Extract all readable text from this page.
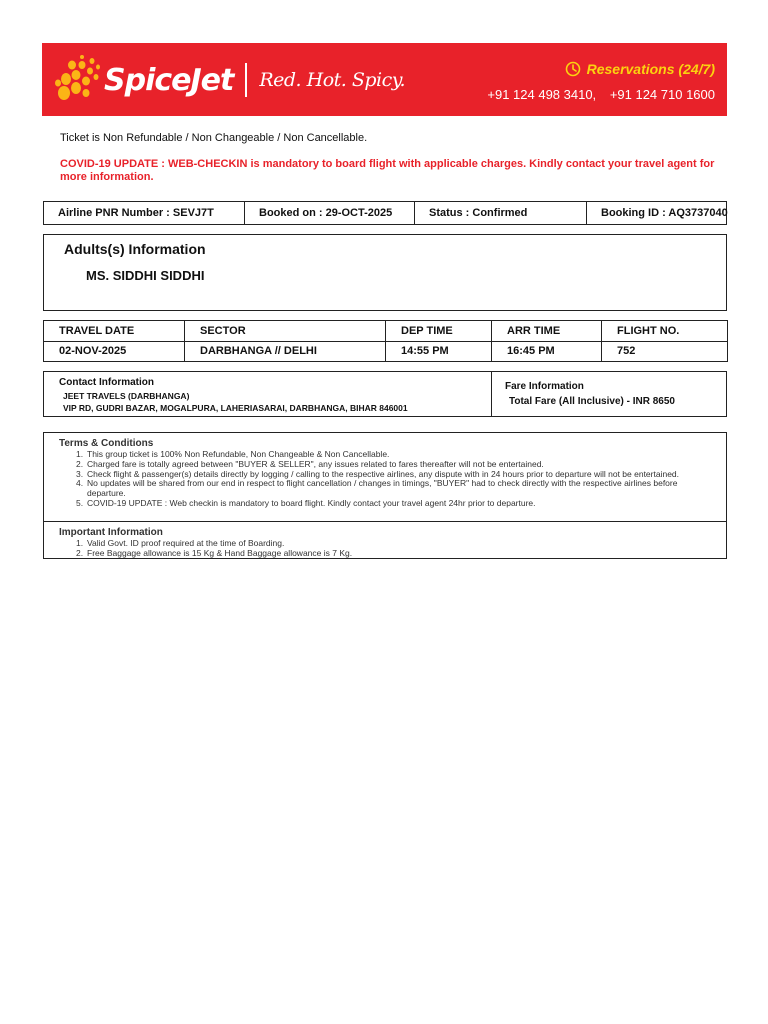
SpiceJet Red. Hot. Spicy.	Reservations (24/7)
+91 124 498 3410, +91 124 710 1600
Ticket is Non Refundable / Non Changeable / Non Cancellable.
COVID-19 UPDATE : WEB-CHECKIN is mandatory to board flight with applicable charges. Kindly contact your travel agent for more information.
Airline PNR Number : SEVJ7T	Booked on : 29-OCT-2025	Status : Confirmed	Booking ID : AQ3737040
Adults(s) Information
MS. SIDDHI SIDDHI
TRAVEL DATE	SECTOR	DEP TIME	ARR TIME	FLIGHT NO.
02-NOV-2025	DARBHANGA // DELHI	14:55 PM	16:45 PM	752
Contact Information
JEET TRAVELS (DARBHANGA)
VIP RD, GUDRI BAZAR, MOGALPURA, LAHERIASARAI, DARBHANGA, BIHAR 846001
Fare Information
Total Fare (All Inclusive) - INR 8650
Terms & Conditions
1. This group ticket is 100% Non Refundable, Non Changeable & Non Cancellable.
2. Charged fare is totally agreed between "BUYER & SELLER", any issues related to fares thereafter will not be entertained.
3. Check flight & passenger(s) details directly by logging / calling to the respective airlines, any dispute with in 24 hours prior to departure will not be entertained.
4. No updates will be shared from our end in respect to flight cancellation / changes in timings, "BUYER" had to check directly with the respective airlines before departure.
5. COVID-19 UPDATE : Web checkin is mandatory to board flight. Kindly contact your travel agent 24hr prior to departure.
Important Information
1. Valid Govt. ID proof required at the time of Boarding.
2. Free Baggage allowance is 15 Kg & Hand Baggage allowance is 7 Kg.
